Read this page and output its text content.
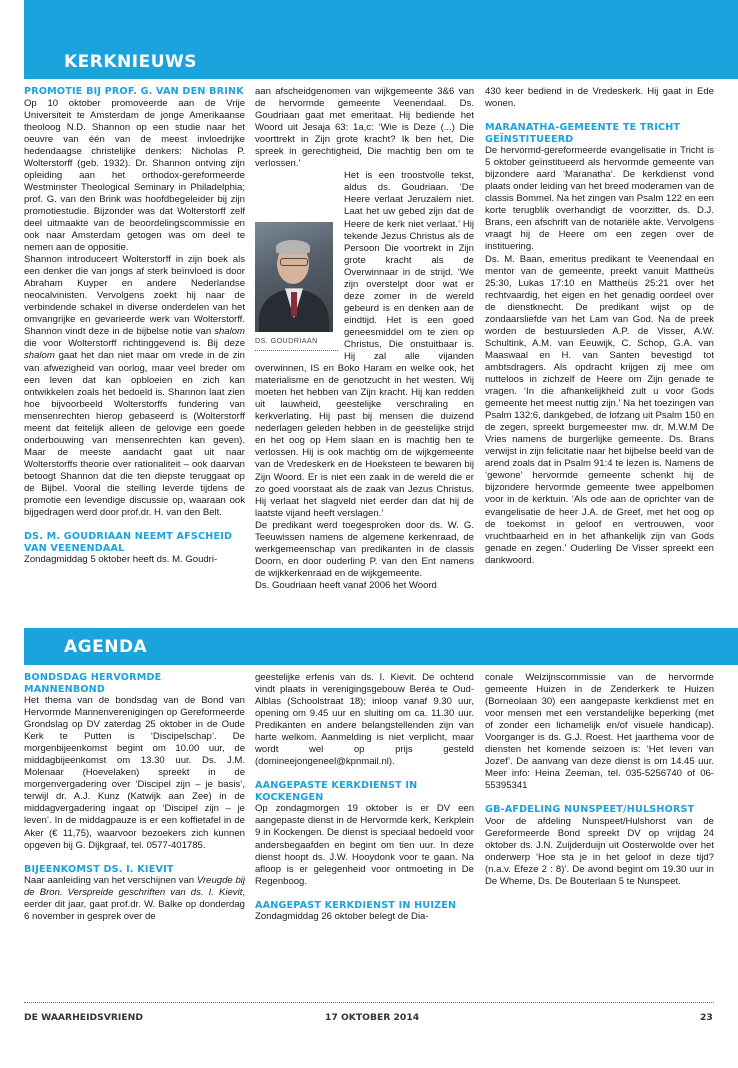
KERKNIEUWS
PROMOTIE BIJ PROF. G. VAN DEN BRINK

Op 10 oktober promoveerde aan de Vrije Universiteit te Amsterdam de jonge Amerikaanse theoloog N.D. Shannon op een studie naar het oeuvre van één van de meest invloedrijke hedendaagse christelijke denkers: Nicholas P. Wolterstorff (geb. 1932). Dr. Shannon ontving zijn opleiding aan het orthodox-gereformeerde Westminster Theological Seminary in Philadelphia; prof. G. van den Brink was hoofdbegeleider bij zijn promotiestudie. Bijzonder was dat Wolterstorff zelf deel uitmaakte van de beoordelingscommissie en ook naar Amsterdam getogen was om deel te nemen aan de oppositie.

Shannon introduceert Wolterstorff in zijn boek als een denker die van jongs af sterk beïnvloed is door Abraham Kuyper en andere Nederlandse neocalvinisten. Vervolgens zoekt hij naar de verbindende schakel in diverse onderdelen van het omvangrijke en gevarieerde werk van Wolterstorff. Shannon vindt deze in de bijbelse notie van shalom die voor Wolterstorff richtinggevend is. Bij deze shalom gaat het dan niet maar om vrede in de zin van afwezigheid van oorlog, maar veel breder om een leven dat kan opbloeien en zich kan ontwikkelen zoals het bedoeld is. Shannon laat zien hoe bijvoorbeeld Wolterstorffs fundering van mensenrechten hierop gebaseerd is (Wolterstorff meent dat feitelijk alleen de gelovige een goede onderbouwing van mensenrechten kan geven). Maar de meeste aandacht gaat uit naar Wolterstorffs theorie over rationaliteit – ook daarvan betoogt Shannon dat die ten diepste teruggaat op de Bijbel. Vooral die stelling leverde tijdens de promotie een levendige discussie op, waaraan ook bijgedragen werd door prof.dr. H. van den Belt.

DS. M. GOUDRIAAN NEEMT AFSCHEID VAN VEENENDAAL

Zondagmiddag 5 oktober heeft ds. M. Goudri-

aan afscheidgenomen van wijkgemeente 3&6 van de hervormde gemeente Veenendaal. Ds. Goudriaan gaat met emeritaat. Hij bediende het Woord uit Jesaja 63: 1a,c: ‘Wie is Deze (...) Die voorttrekt in Zijn grote kracht? Ik ben het, Die spreek in gerechtigheid, Die machtig ben om te verlossen.’

DS. GOUDRIAAN

Het is een troostvolle tekst, aldus ds. Goudriaan. ‘De Heere verlaat Jeruzalem niet. Laat het uw gebed zijn dat de Heere de kerk niet verlaat.’ Hij tekende Jezus Christus als de Persoon Die voortrekt in Zijn grote kracht als de Overwinnaar in de strijd. ‘We zijn overstelpt door wat er deze zomer in de wereld gebeurd is en denken aan de eindtijd. Het is een goed geneesmiddel om te zien op Christus, Die onstuitbaar is. Hij zal alle vijanden overwinnen, IS en Boko Haram en welke ook, het materialisme en de genotzucht in het westen. Wij moeten het hebben van Zijn kracht. Hij kan redden uit lauwheid, geestelijke verschraling en kerkverlating. Hij past bij mensen die duizend nederlagen geleden hebben in de geestelijke strijd en het oog op Hem slaan en is machtig hen te verlossen. Hij is ook machtig om de wijkgemeente van de Vredeskerk en de Hoeksteen te bewaren bij Zijn Woord. Er is niet een zaak in de wereld die er zo goed voorstaat als de zaak van Jezus Christus. Hij verlaat het slagveld niet eerder dan dat hij de laatste vijand heeft verslagen.’

De predikant werd toegesproken door ds. W. G. Teeuwissen namens de algemene kerkenraad, de werkgemeenschap van predikanten in de classis Doorn, en door ouderling P. van den Ent namens de wijkkerkenraad en de wijkgemeente.

Ds. Goudriaan heeft vanaf 2006 het Woord

430 keer bediend in de Vredeskerk. Hij gaat in Ede wonen.

MARANATHA-GEMEENTE TE TRICHT GEÏNSTITUEERD

De hervormd-gereformeerde evangelisatie in Tricht is 5 oktober geïnstitueerd als hervormde gemeente van bijzondere aard ‘Maranatha’. De kerkdienst vond plaats onder leiding van het breed moderamen van de classis Bommel. Na het zingen van Psalm 122 en een korte terugblik overhandigt de voorzitter, ds. D.J. Brans, een afschrift van de notariële akte. Vervolgens vraagt hij de Heere om een zegen over de instituering.

Ds. M. Baan, emeritus predikant te Veenendaal en mentor van de gemeente, preekt vanuit Mattheüs 25:30, Lukas 17:10 en Mattheüs 25:21 over het rechtvaardig, het eigen en het genadig oordeel over de dienstknecht. De predikant wijst op de zondaarsliefde van het Lam van God. Na de preek worden de bestuursleden A.P. de Visser, A.W. Schultink, A.M. van Eeuwijk, C. Schop, G.A. van Maaswaal en H. van Santen bevestigd tot ambtsdragers. Als opdracht krijgen zij mee om nutteloos in zichzelf de Heere om Zijn genade te vragen. ‘In die afhankelijkheid zult u voor Gods gemeente het meest nuttig zijn.’ Na het toezingen van Psalm 132:6, dankgebed, de lofzang uit Psalm 150 en de zegen, spreekt burgemeester mw. dr. M.W.M De Vries namens de burgerlijke gemeente. Ds. Brans verwijst in zijn felicitatie naar het bijbelse beeld van de arend zoals dat in Psalm 91:4 te lezen is. Namens de ‘gewone’ hervormde gemeente schenkt hij de bijzondere hervormde gemeente twee appelbomen voor in de kerktuin. ‘Als ode aan de oprichter van de evangelisatie de heer J.A. de Greef, met het oog op de toekomst in geloof en vertrouwen, voor vruchtbaarheid en in het afhankelijk zijn van Gods genade en zegen.’ Ouderling De Visser spreekt een dankwoord.

AGENDA
BONDSDAG HERVORMDE MANNENBOND

Het thema van de bondsdag van de Bond van Hervormde Mannenverenigingen op Gereformeerde Grondslag op DV zaterdag 25 oktober in de Oude Kerk te Putten is ‘Discipelschap’. De morgenbijeenkomst begint om 10.00 uur, de middagbijeenkomst om 13.30 uur. Ds. J.M. Molenaar (Hoevelaken) spreekt in de morgenvergadering over ‘Discipel zijn – je basis’, terwijl dr. A.J. Kunz (Katwijk aan Zee) in de middagvergadering ingaat op ‘Discipel zijn – je leven’. In de middagpauze is er een koffietafel in de Aker (€ 11,75), waarvoor bezoekers zich kunnen opgeven bij G. Dijkgraaf, tel. 0577-401785.

BIJEENKOMST DS. I. KIEVIT

Naar aanleiding van het verschijnen van Vreugde bij de Bron. Verspreide geschriften van ds. I. Kievit, eerder dit jaar, gaat prof.dr. W. Balke op donderdag 6 november in gesprek over de

geestelijke erfenis van ds. I. Kievit. De ochtend vindt plaats in verenigingsgebouw Beréa te Oud-Alblas (Schoolstraat 18); inloop vanaf 9.30 uur, opening om 9.45 uur en sluiting om ca. 11.30 uur. Predikanten en andere belangstellenden zijn van harte welkom. Aanmelding is niet verplicht, maar wordt wel op prijs gesteld (domineejongeneel@kpnmail.nl).

AANGEPASTE KERKDIENST IN KOCKENGEN

Op zondagmorgen 19 oktober is er DV een aangepaste dienst in de Hervormde kerk, Kerkplein 9 in Kockengen. De dienst is speciaal bedoeld voor andersbegaafden en begint om tien uur. In deze dienst hoopt ds. J.W. Hooydonk voor te gaan. Na afloop is er gelegenheid voor ontmoeting in De Regenboog.

AANGEPAST KERKDIENST IN HUIZEN

Zondagmiddag 26 oktober belegt de Dia-

conale Welzijnscommissie van de hervormde gemeente Huizen in de Zenderkerk te Huizen (Borneolaan 30) een aangepaste kerkdienst met en voor mensen met een verstandelijke beperking (met of zonder een lichamelijk en/of visuele handicap). Voorganger is ds. G.J. Roest. Het jaarthema voor de diensten het komende seizoen is: ‘Het leven van Jozef’. De aanvang van deze dienst is om 14.45 uur. Meer info: Heina Zeeman, tel. 035-5256740 of 06-55395341

GB-AFDELING NUNSPEET/HULSHORST

Voor de afdeling Nunspeet/Hulshorst van de Gereformeerde Bond spreekt DV op vrijdag 24 oktober ds. J.N. Zuijderduijn uit Oosterwolde over het onderwerp ‘Hoe sta je in het geloof in deze tijd? (n.a.v. Efeze 2 : 8)’. De avond begint om 19.30 uur in De Wheme, Ds. De Bouterlaan 5 te Nunspeet.

DE WAARHEIDSVRIEND	17 OKTOBER 2014	23
